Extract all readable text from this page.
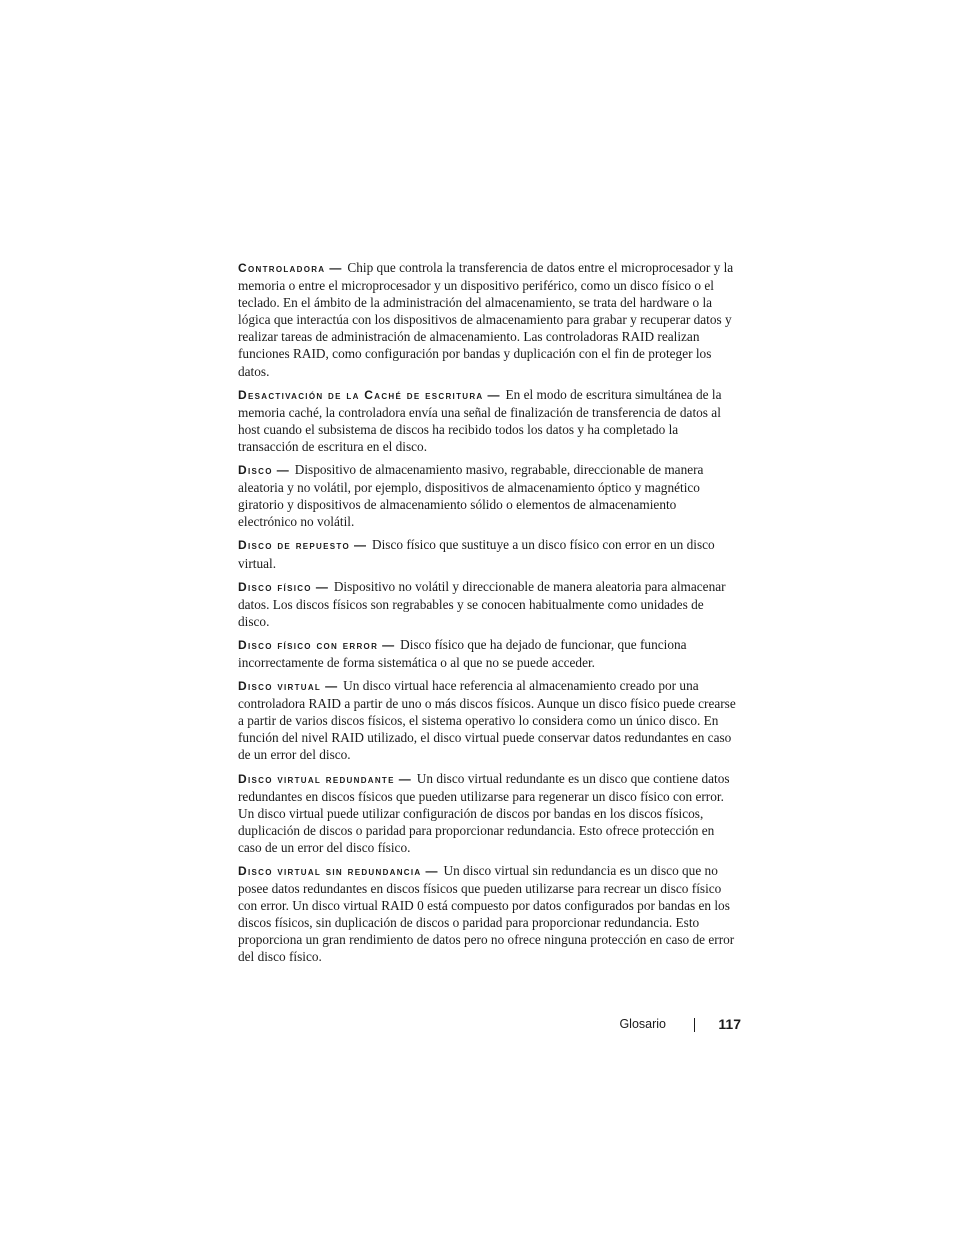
Controladora — Chip que controla la transferencia de datos entre el microprocesador y la memoria o entre el microprocesador y un dispositivo periférico, como un disco físico o el teclado. En el ámbito de la administración del almacenamiento, se trata del hardware o la lógica que interactúa con los dispositivos de almacenamiento para grabar y recuperar datos y realizar tareas de administración de almacenamiento. Las controladoras RAID realizan funciones RAID, como configuración por bandas y duplicación con el fin de proteger los datos.

Desactivación de la Caché de escritura — En el modo de escritura simultánea de la memoria caché, la controladora envía una señal de finalización de transferencia de datos al host cuando el subsistema de discos ha recibido todos los datos y ha completado la transacción de escritura en el disco.

Disco — Dispositivo de almacenamiento masivo, regrabable, direccionable de manera aleatoria y no volátil, por ejemplo, dispositivos de almacenamiento óptico y magnético giratorio y dispositivos de almacenamiento sólido o elementos de almacenamiento electrónico no volátil.

Disco de repuesto — Disco físico que sustituye a un disco físico con error en un disco virtual.

Disco físico — Dispositivo no volátil y direccionable de manera aleatoria para almacenar datos. Los discos físicos son regrabables y se conocen habitualmente como unidades de disco.

Disco físico con error — Disco físico que ha dejado de funcionar, que funciona incorrectamente de forma sistemática o al que no se puede acceder.

Disco virtual — Un disco virtual hace referencia al almacenamiento creado por una controladora RAID a partir de uno o más discos físicos. Aunque un disco físico puede crearse a partir de varios discos físicos, el sistema operativo lo considera como un único disco. En función del nivel RAID utilizado, el disco virtual puede conservar datos redundantes en caso de un error del disco.

Disco virtual redundante — Un disco virtual redundante es un disco que contiene datos redundantes en discos físicos que pueden utilizarse para regenerar un disco físico con error. Un disco virtual puede utilizar configuración de discos por bandas en los discos físicos, duplicación de discos o paridad para proporcionar redundancia. Esto ofrece protección en caso de un error del disco físico.

Disco virtual sin redundancia — Un disco virtual sin redundancia es un disco que no posee datos redundantes en discos físicos que pueden utilizarse para recrear un disco físico con error. Un disco virtual RAID 0 está compuesto por datos configurados por bandas en los discos físicos, sin duplicación de discos o paridad para proporcionar redundancia. Esto proporciona un gran rendimiento de datos pero no ofrece ninguna protección en caso de error del disco físico.

Glosario	117
